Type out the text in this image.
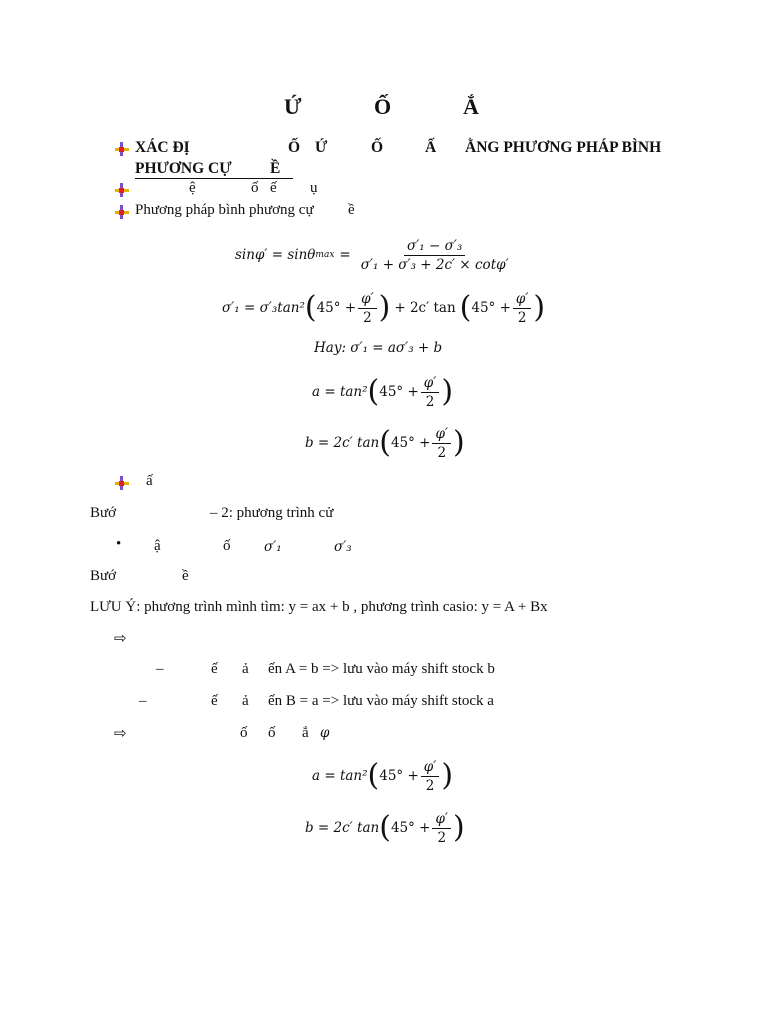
Ứ	Ố	Ắ
XÁC ĐỊ	Ố Ứ	Ố	Ấ ẰNG PHƯƠNG PHÁP BÌNH
PHƯƠNG CỰ Ề
ệ	ố ế ụ
Phương pháp bình phương cự ề
sinφ′ = sinθ $\max = \frac{\text{σ′₁ − σ′₃}}{\text{σ′₁ + σ′₃ + 2c′ × cotφ′}}$
σ′₁ = σ′₃tan² ( $45^\circ + \frac{\varphi'}{2}$ ) + 2c′ tan ( $45^\circ + \frac{\varphi'}{2}$ )
Hay: σ′₁ = aσ′₃ + b
a = tan² ( $45^\circ + \frac{\varphi'}{2}$ )
b = 2c′ tan ( $45^\circ + \frac{\varphi'}{2}$ )
ấ
Bướ	– 2: phương trình cử
• ậ	ố σ′₁	σ′₃
Bướ	ề
LƯU Ý: phương trình mình tìm: y = ax + b , phương trình casio: y = A + Bx
⇨
–	ế ả ến A = b => lưu vào máy shift stock b
–	ế ả ến B = a => lưu vào máy shift stock a
⇨	ố ố ắ φ
a = tan² ( $45^\circ + \frac{\varphi'}{2}$ )
b = 2c′ tan ( $45^\circ + \frac{\varphi'}{2}$ )
